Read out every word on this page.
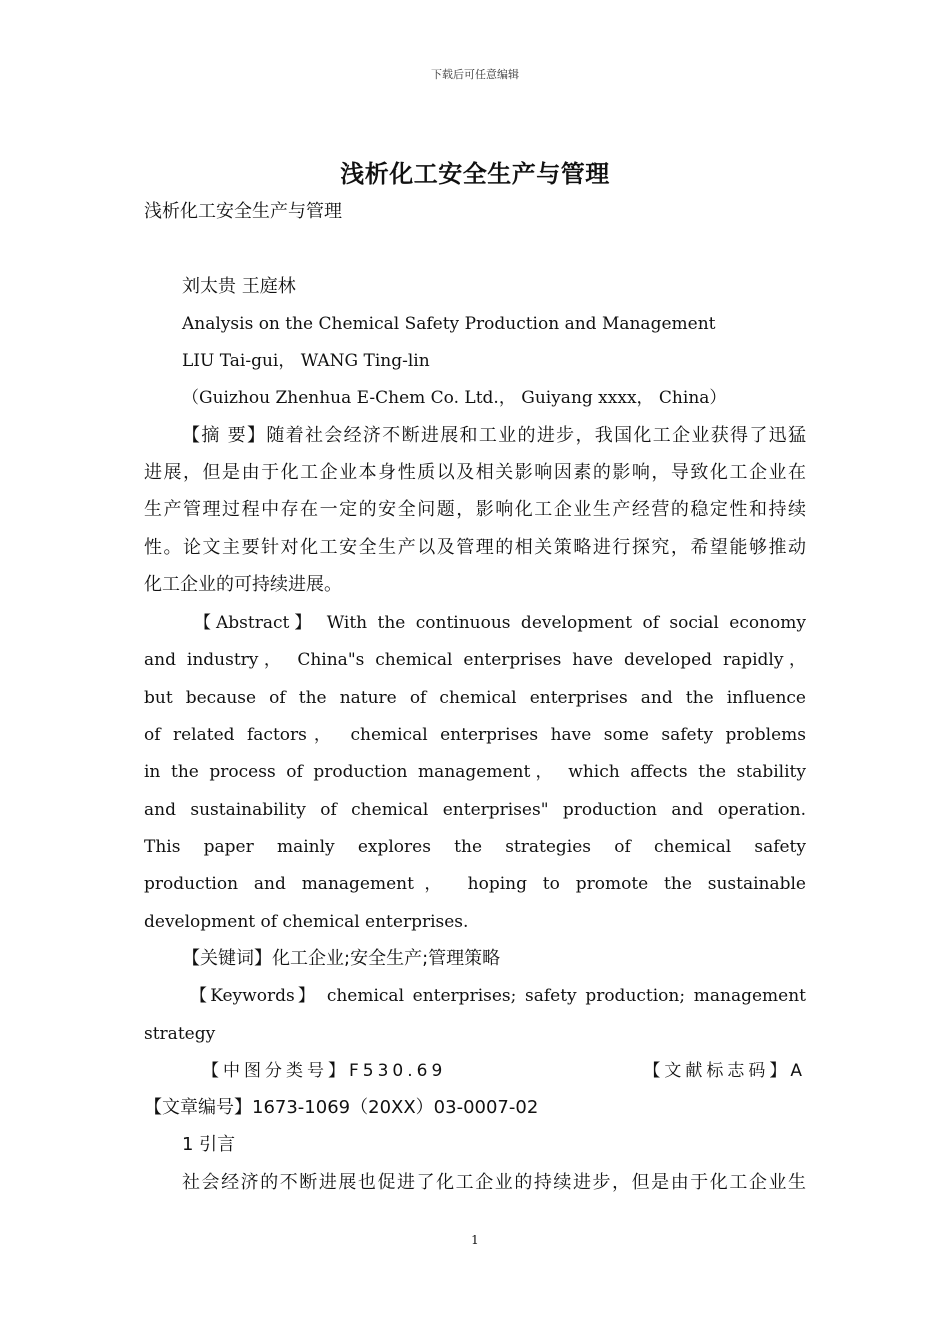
下载后可任意编辑
浅析化工安全生产与管理
浅析化工安全生产与管理
刘太贵 王庭林
Analysis on the Chemical Safety Production and Management
LIU Tai-gui， WANG Ting-lin
（Guizhou Zhenhua E-Chem Co. Ltd.， Guiyang xxxx， China）
【摘 要】随着社会经济不断进展和工业的进步，我国化工企业获得了迅猛
进展，但是由于化工企业本身性质以及相关影响因素的影响，导致化工企业在
生产管理过程中存在一定的安全问题，影响化工企业生产经营的稳定性和持续
性。论文主要针对化工安全生产以及管理的相关策略进行探究，希望能够推动
化工企业的可持续进展。
【Abstract】 With the continuous development of social economy
and industry， China"s chemical enterprises have developed rapidly，
but because of the nature of chemical enterprises and the influence
of related factors， chemical enterprises have some safety problems
in the process of production management， which affects the stability
and sustainability of chemical enterprises" production and operation.
This paper mainly explores the strategies of chemical safety
production and management， hoping to promote the sustainable
development of chemical enterprises.
【关键词】化工企业;安全生产;管理策略
【Keywords】 chemical enterprises; safety production; management
strategy
【中图分类号】F530.69	【文献标志码】A
【文章编号】1673-1069（20XX）03-0007-02
1 引言
社会经济的不断进展也促进了化工企业的持续进步，但是由于化工企业生
1
